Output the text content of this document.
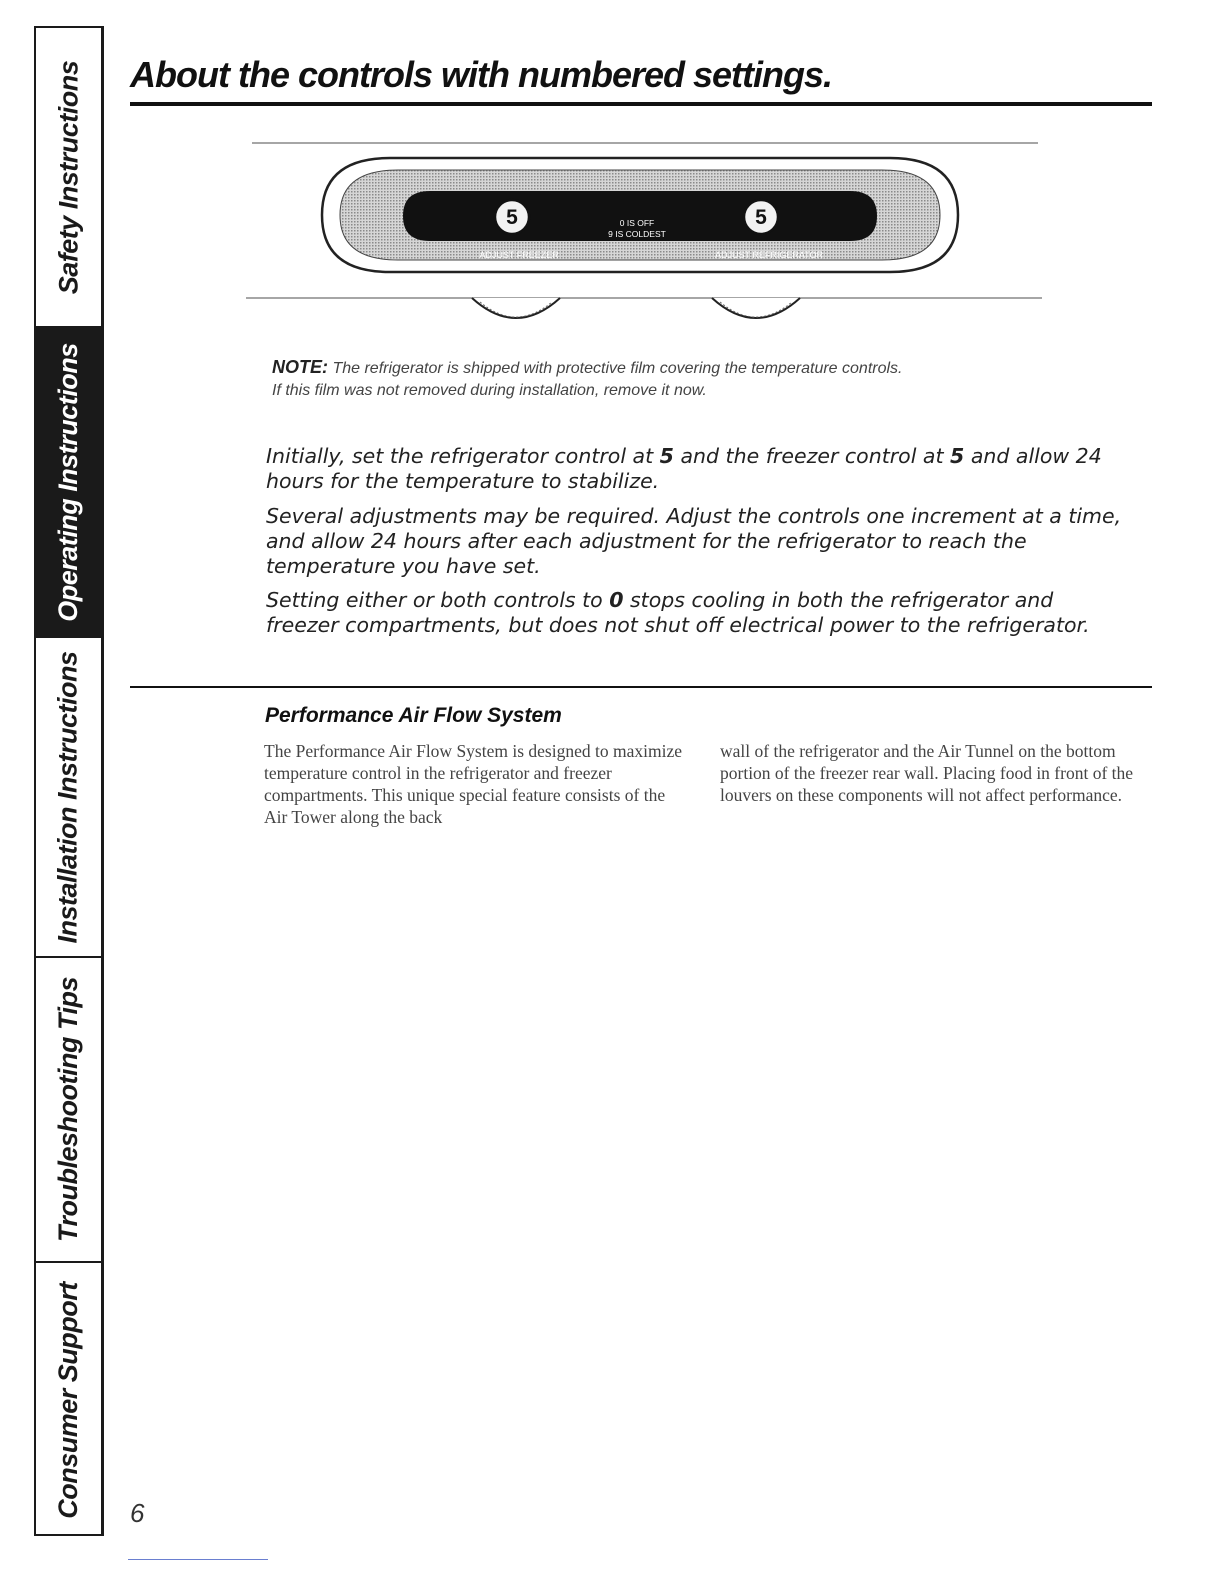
Safety Instructions
Operating Instructions
Installation Instructions
Troubleshooting Tips
Consumer Support
About the controls with numbered settings.
5	5
0 IS OFF
9 IS COLDEST
ADJUST FREEZER	ADJUST REFRIGERATOR
NOTE: The refrigerator is shipped with protective film covering the temperature controls.
If this film was not removed during installation, remove it now.

Initially, set the refrigerator control at 5 and the freezer control at 5 and allow 24 hours for the temperature to stabilize.

Several adjustments may be required. Adjust the controls one increment at a time, and allow 24 hours after each adjustment for the refrigerator to reach the temperature you have set.

Setting either or both controls to 0 stops cooling in both the refrigerator and freezer compartments, but does not shut off electrical power to the refrigerator.

Performance Air Flow System

The Performance Air Flow System is designed to maximize temperature control in the refrigerator and freezer compartments. This unique special feature consists of the Air Tower along the back

wall of the refrigerator and the Air Tunnel on the bottom portion of the freezer rear wall. Placing food in front of the louvers on these components will not affect performance.

6
